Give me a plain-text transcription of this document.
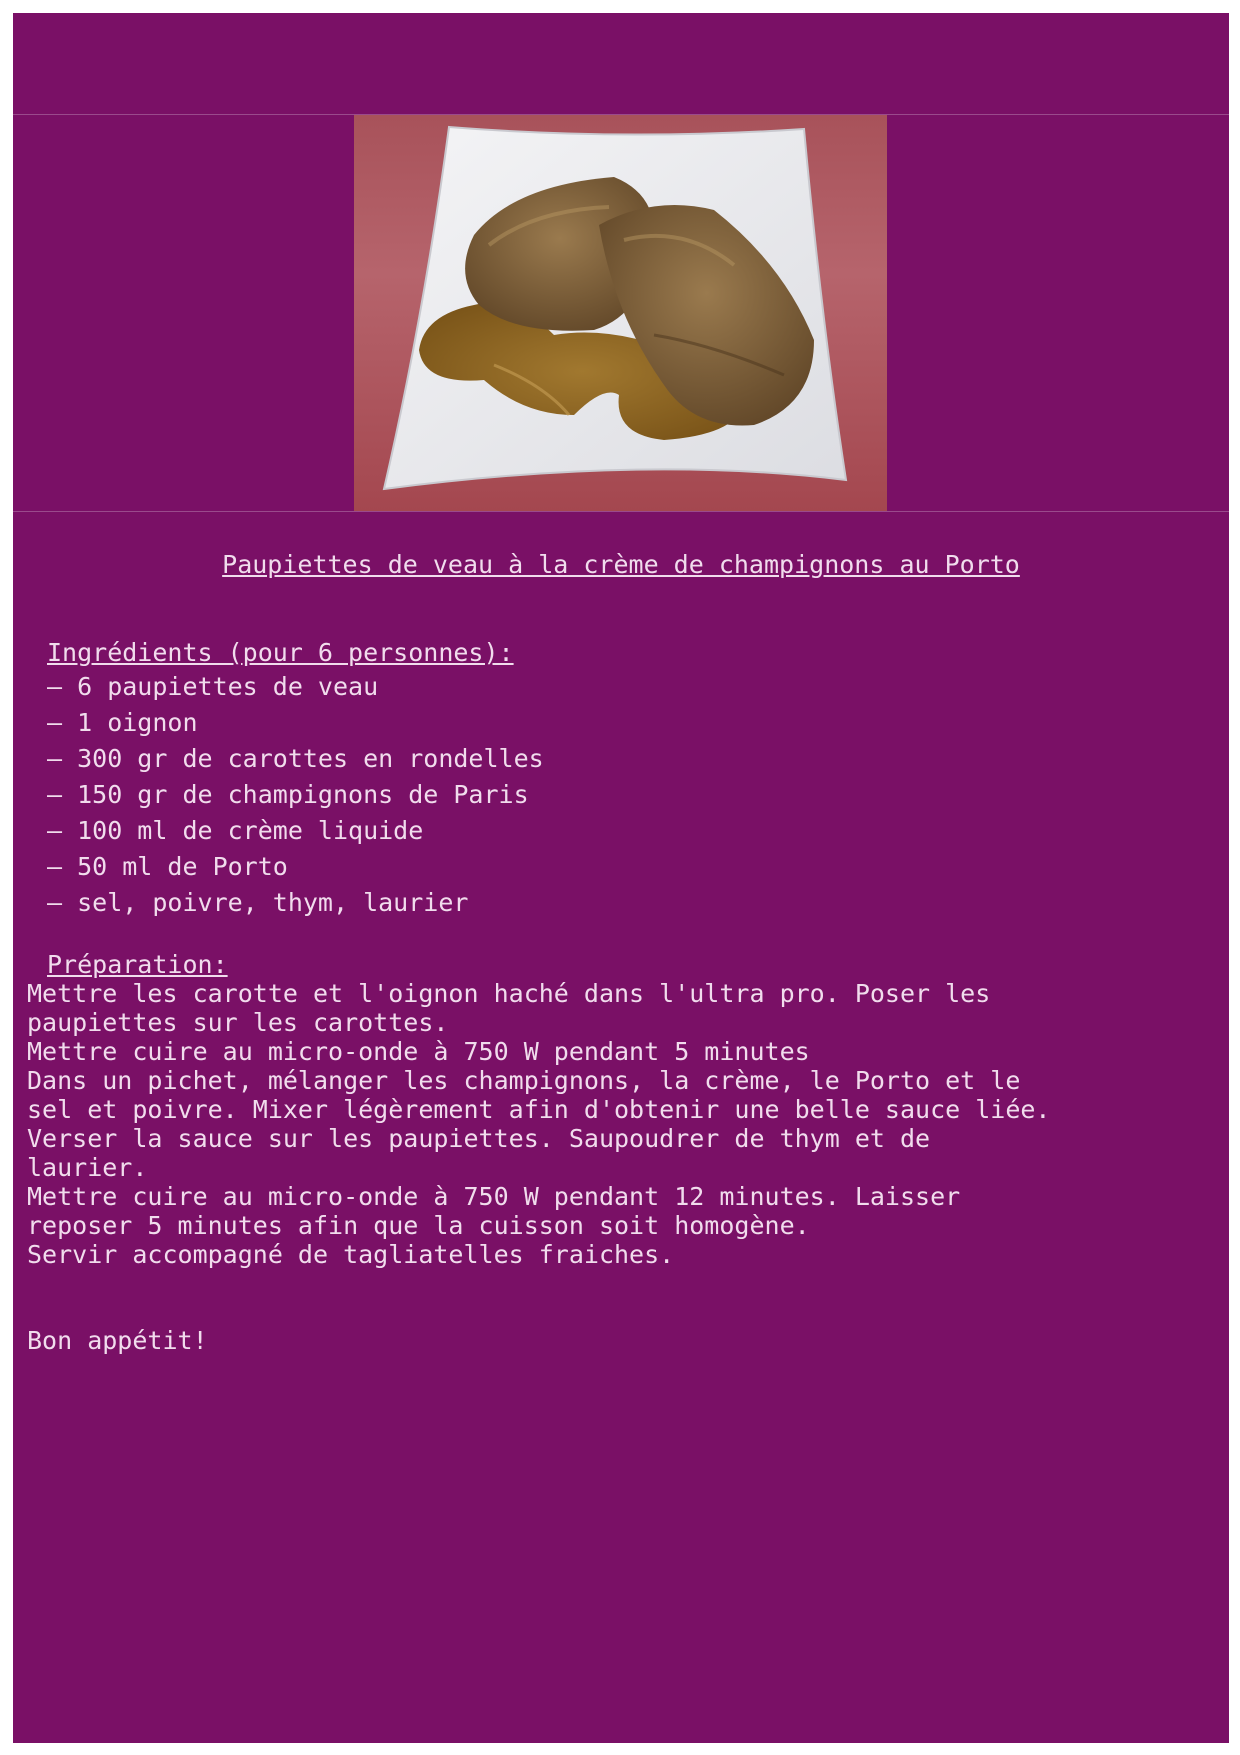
Paupiettes de veau à la crème de champignons au Porto
Ingrédients (pour 6 personnes):
– 6 paupiettes de veau
– 1 oignon
– 300 gr de carottes en rondelles
– 150 gr de champignons de Paris
– 100 ml de crème liquide
– 50 ml de Porto
– sel, poivre, thym, laurier
Préparation:
Mettre les carotte et l'oignon haché dans l'ultra pro. Poser les
paupiettes sur les carottes.
Mettre cuire au micro-onde à 750 W pendant 5 minutes
Dans un pichet, mélanger les champignons, la crème, le Porto et le
sel et poivre. Mixer légèrement afin d'obtenir une belle sauce liée.
Verser la sauce sur les paupiettes. Saupoudrer de thym et de
laurier.
Mettre cuire au micro-onde à 750 W pendant 12 minutes. Laisser
reposer 5 minutes afin que la cuisson soit homogène.
Servir accompagné de tagliatelles fraiches.
Bon appétit!
